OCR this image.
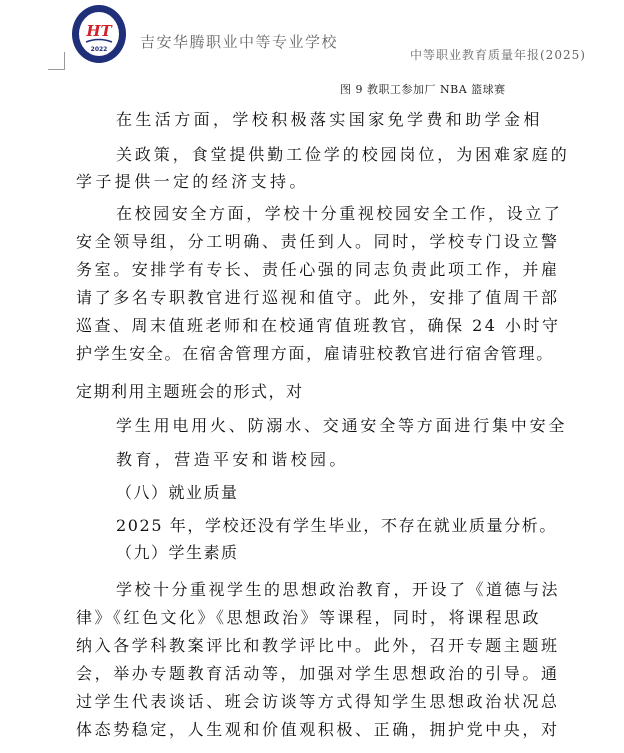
HT
2022 吉安华腾职业中等专业学校
中等职业教育质量年报(2025)
图 9 教职工参加厂 NBA 篮球赛
在生活方面，学校积极落实国家免学费和助学金相
关政策，食堂提供勤工俭学的校园岗位，为困难家庭的
学子提供一定的经济支持。
在校园安全方面，学校十分重视校园安全工作，设立了
安全领导组，分工明确、责任到人。同时，学校专门设立警
务室。安排学有专长、责任心强的同志负责此项工作，并雇
请了多名专职教官进行巡视和值守。此外，安排了值周干部
巡查、周末值班老师和在校通宵值班教官，确保 24 小时守
护学生安全。在宿舍管理方面，雇请驻校教官进行宿舍管理。
定期利用主题班会的形式，对
学生用电用火、防溺水、交通安全等方面进行集中安全
教育，营造平安和谐校园。
（八）就业质量
2025 年，学校还没有学生毕业，不存在就业质量分析。
（九）学生素质
学校十分重视学生的思想政治教育，开设了《道德与法
律》《红色文化》《思想政治》等课程，同时，将课程思政
纳入各学科教案评比和教学评比中。此外，召开专题主题班
会，举办专题教育活动等，加强对学生思想政治的引导。通
过学生代表谈话、班会访谈等方式得知学生思想政治状况总
体态势稳定，人生观和价值观积极、正确，拥护党中央，对
